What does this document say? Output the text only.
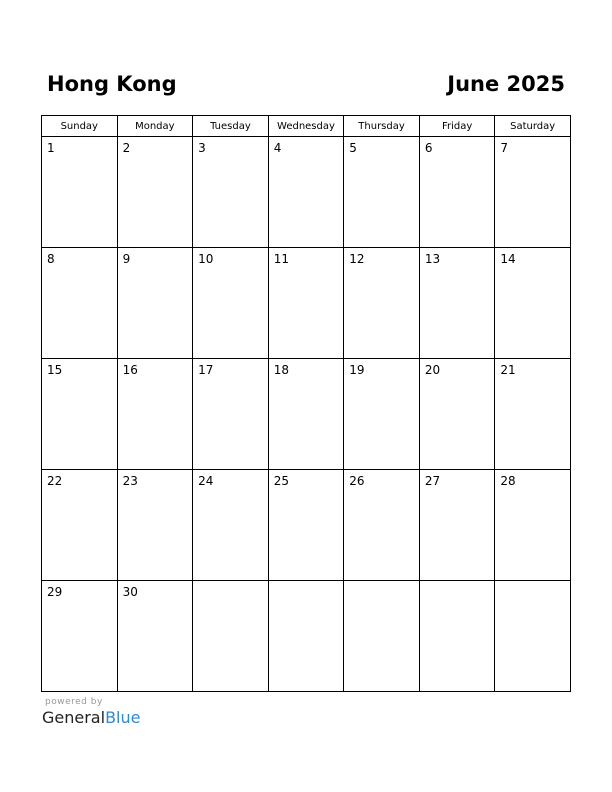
Hong Kong	June 2025
Sunday	Monday	Tuesday	Wednesday	Thursday	Friday	Saturday

1	2	3	4	5	6	7

8	9	10	11	12	13	14

15	16	17	18	19	20	21

22	23	24	25	26	27	28

29	30					

powered by
GeneralBlue
